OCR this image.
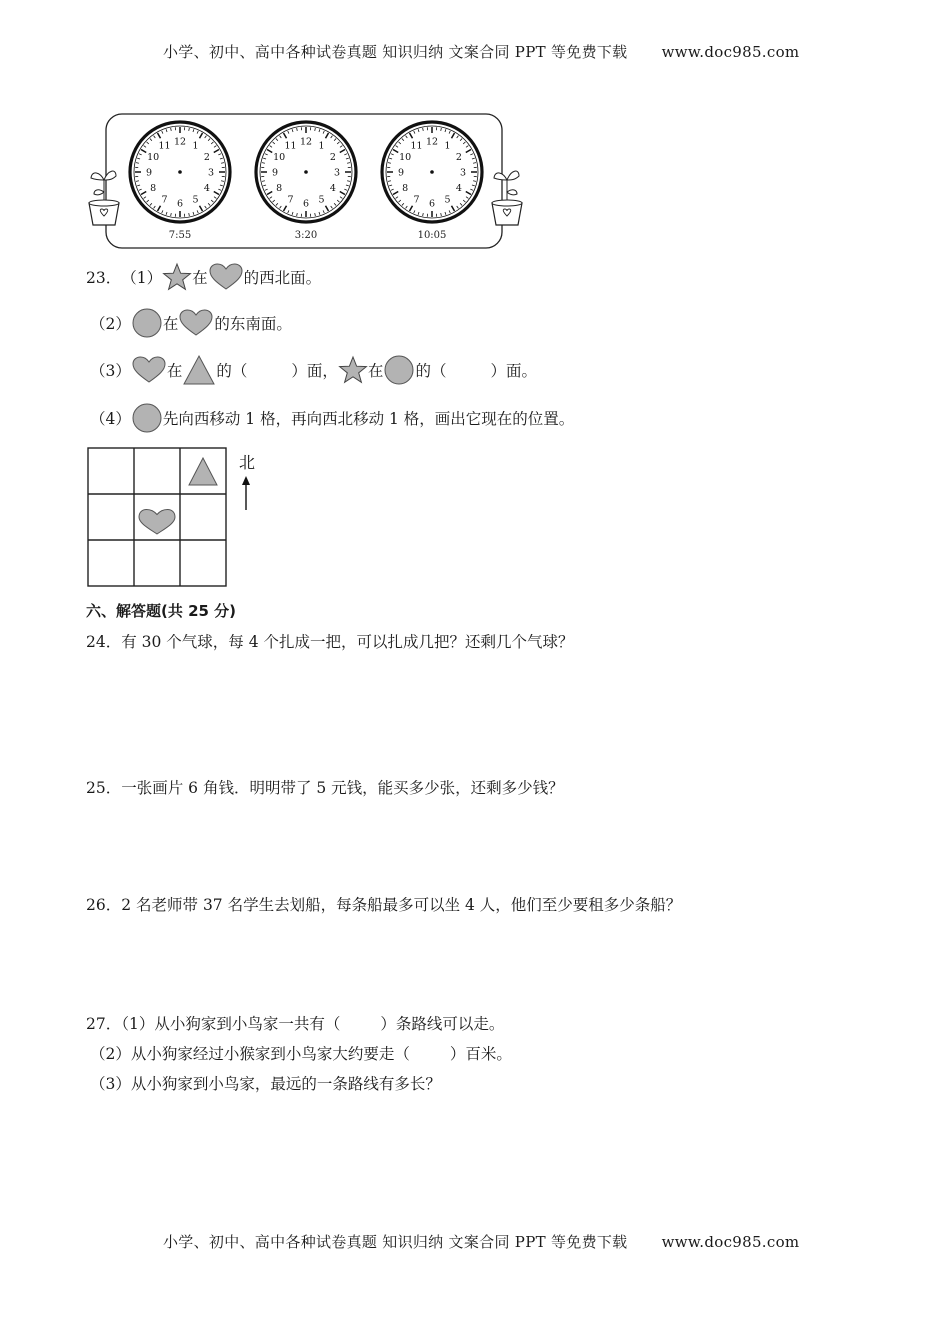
小学、初中、高中各种试卷真题 知识归纳 文案合同 PPT 等免费下载 www.doc985.com
12 1
2
3
4
5
6
7
8
9
10
11	12 1
2
3
4
5
6
7
8
9
10
11	12 1
2
3
4
5
6
7
8
9
10
11
7:55	3:20	10:05
23． （1） 在 的西北面。
（2） 在 的东南面。
（3） 在 的（	）面， 在 的（	）面。
（4） 先向西移动 1 格，再向西北移动 1 格，画出它现在的位置。
北
六、解答题(共 25 分)
24．有 30 个气球，每 4 个扎成一把，可以扎成几把？还剩几个气球？
25．一张画片 6 角钱．明明带了 5 元钱，能买多少张，还剩多少钱？
26．2 名老师带 37 名学生去划船，每条船最多可以坐 4 人，他们至少要租多少条船？
27．（1）从小狗家到小鸟家一共有（	）条路线可以走。
（2）从小狗家经过小猴家到小鸟家大约要走（	）百米。
（3）从小狗家到小鸟家，最远的一条路线有多长？
小学、初中、高中各种试卷真题 知识归纳 文案合同 PPT 等免费下载 www.doc985.com
